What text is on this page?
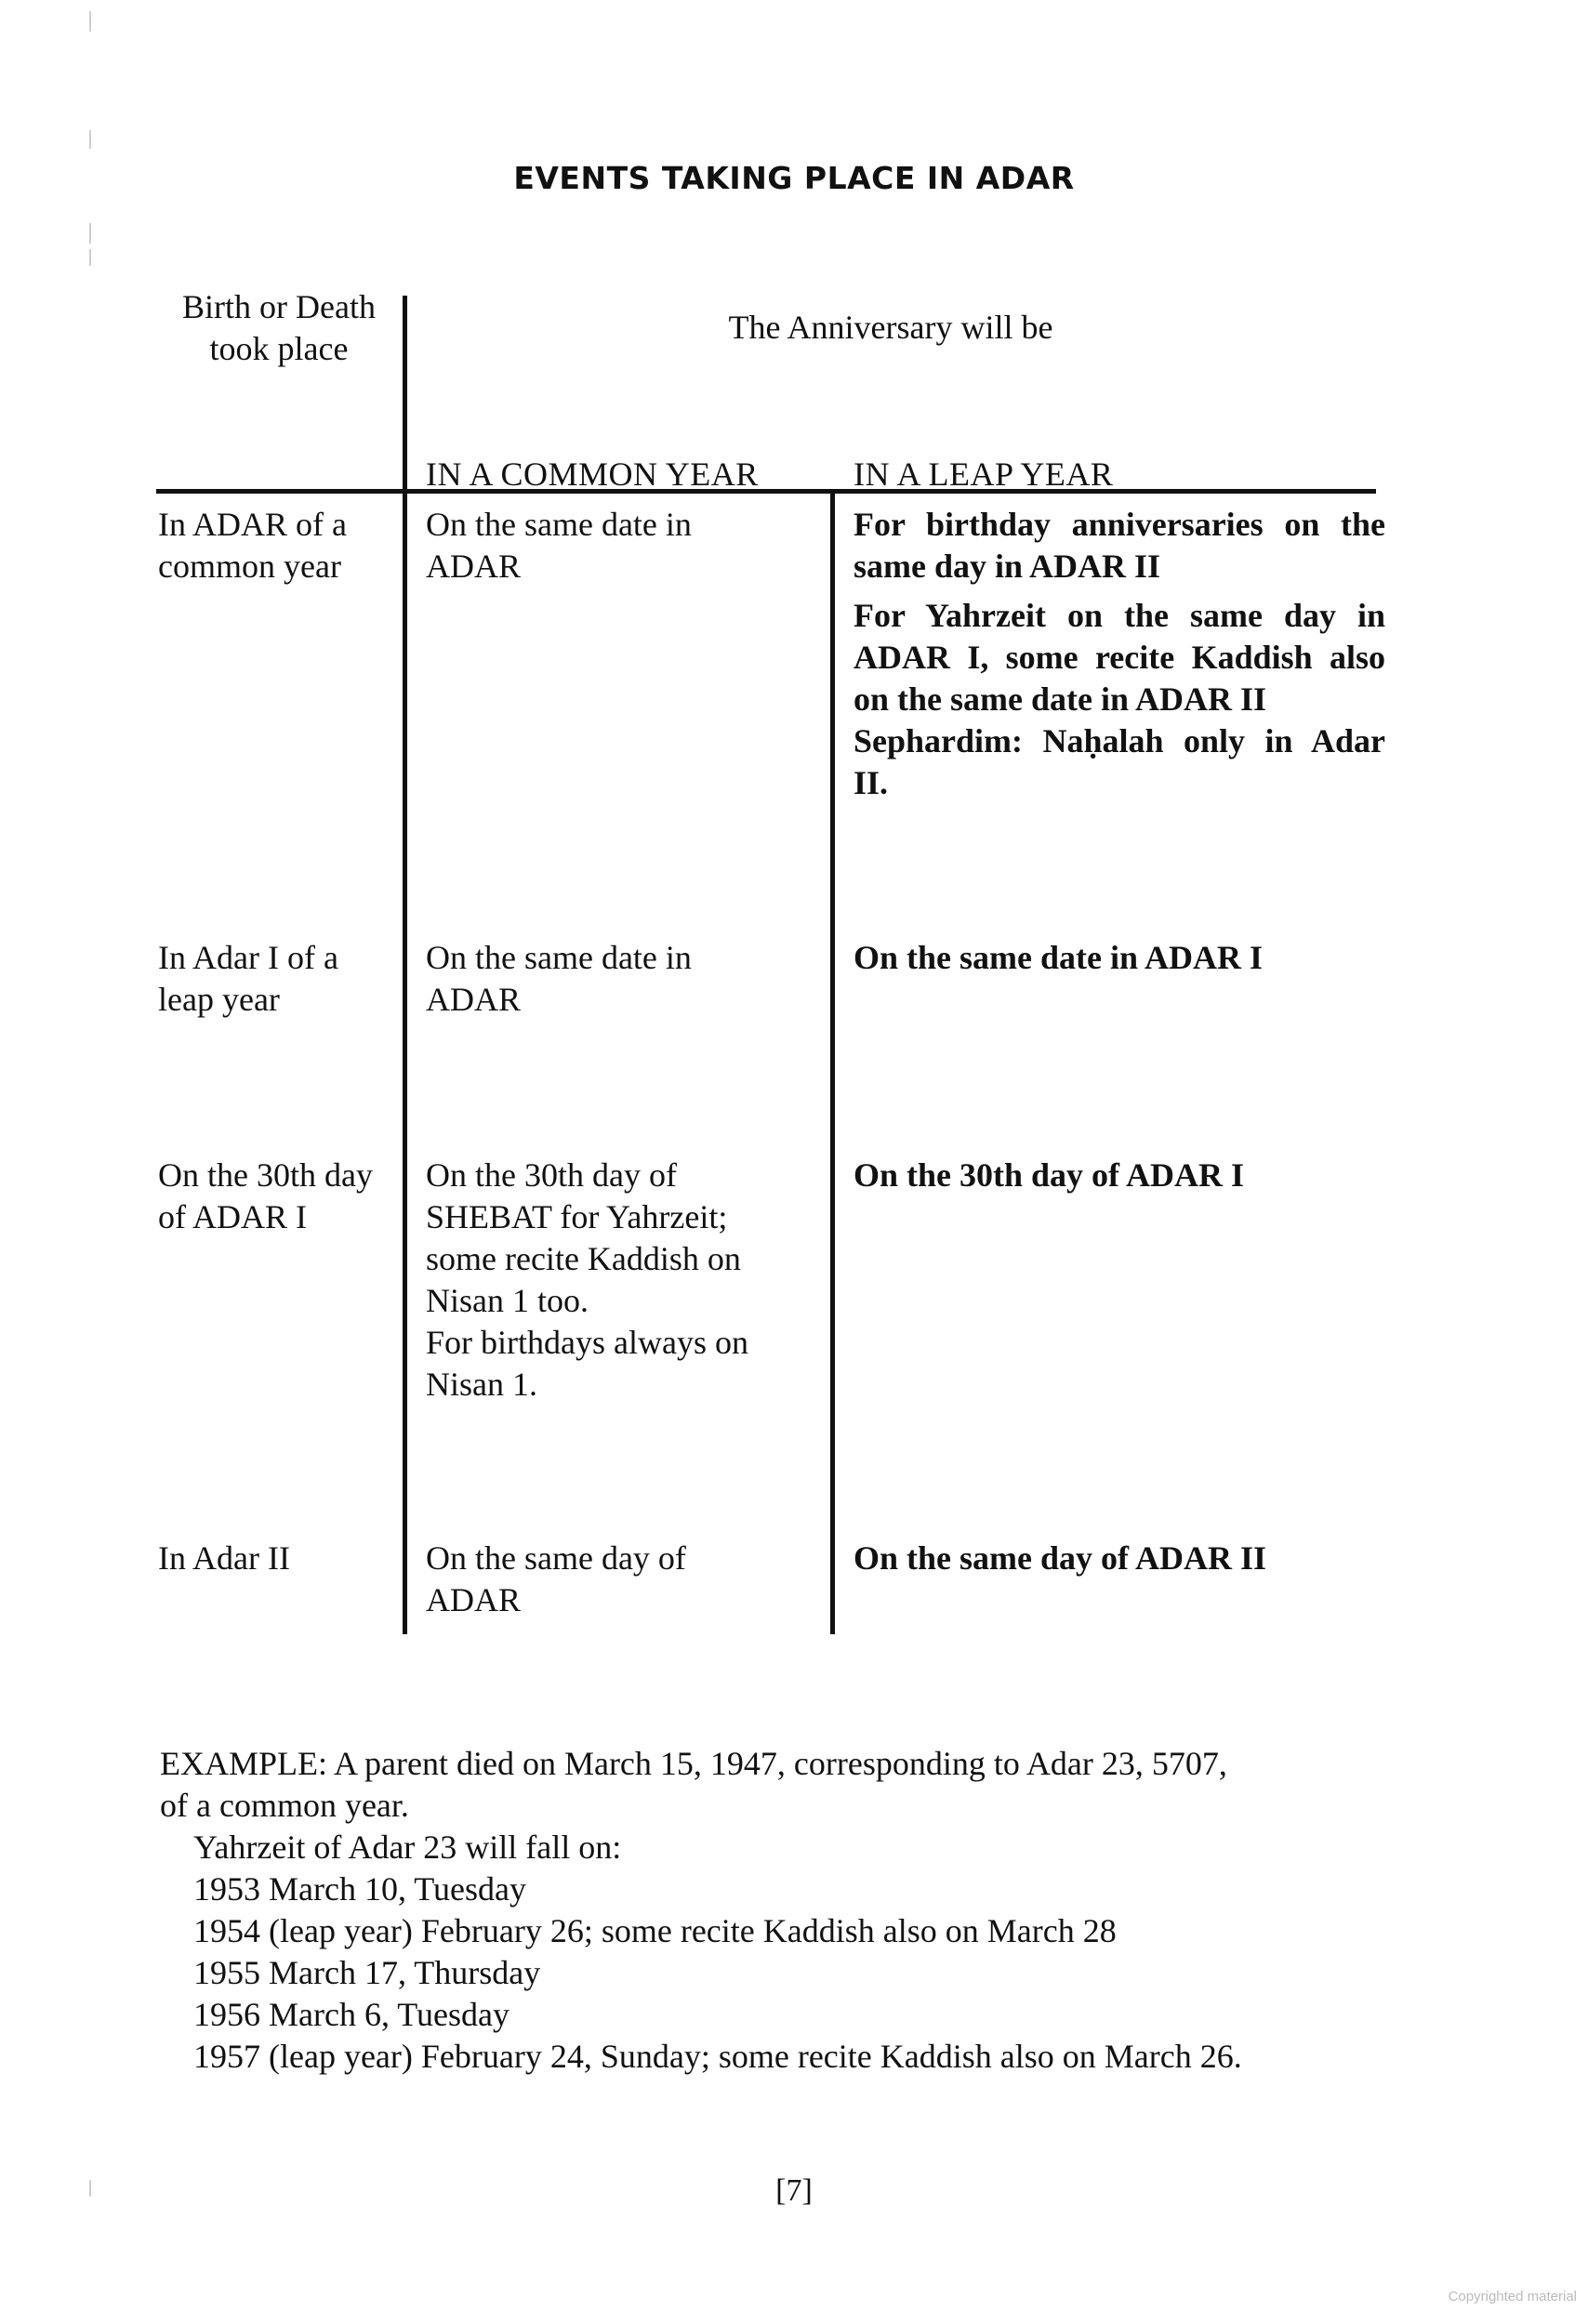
EVENTS TAKING PLACE IN ADAR
Birth or Death
took place
The Anniversary will be
IN A COMMON YEAR	IN A LEAP YEAR
In ADAR of a
common year
On the same date in
ADAR
For birthday anniversaries on the
same day in ADAR II
For Yahrzeit on the same day in
ADAR I, some recite Kaddish also
on the same date in ADAR II
Sephardim: Naḥalah only in Adar
II.
In Adar I of a
leap year
On the same date in
ADAR
On the same date in ADAR I
On the 30th day
of ADAR I
On the 30th day of
SHEBAT for Yahrzeit;
some recite Kaddish on
Nisan 1 too.
For birthdays always on
Nisan 1.
On the 30th day of ADAR I
In Adar II	On the same day of
ADAR
On the same day of ADAR II
EXAMPLE: A parent died on March 15, 1947, corresponding to Adar 23, 5707,
of a common year.
Yahrzeit of Adar 23 will fall on:
1953 March 10, Tuesday
1954 (leap year) February 26; some recite Kaddish also on March 28
1955 March 17, Thursday
1956 March 6, Tuesday
1957 (leap year) February 24, Sunday; some recite Kaddish also on March 26.
[7]
Copyrighted material
